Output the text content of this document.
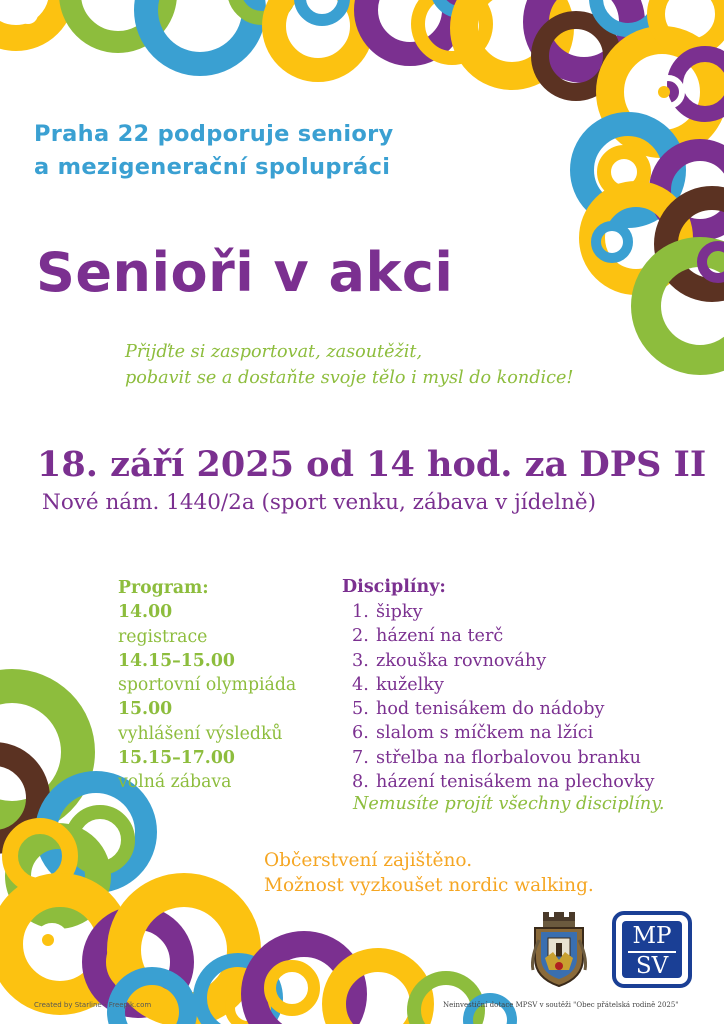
Praha 22 podporuje seniory
a mezigenerační spolupráci
Senioři v akci
Přijďte si zasportovat, zasoutěžit,
pobavit se a dostaňte svoje tělo i mysl do kondice!
18. září 2025 od 14 hod. za DPS II
Nové nám. 1440/2a (sport venku, zábava v jídelně)
Program:
14.00
registrace
14.15–15.00
sportovní olympiáda
15.00
vyhlášení výsledků
15.15–17.00
volná zábava
Disciplíny:
1. šipky
2. házení na terč
3. zkouška rovnováhy
4. kuželky
5. hod tenisákem do nádoby
6. slalom s míčkem na lžíci
7. střelba na florbalovou branku
8. házení tenisákem na plechovky
Nemusíte projít všechny disciplíny.
Občerstvení zajištěno.
Možnost vyzkoušet nordic walking.
MP
SV
Created by Starline - Freepik.com	Neinvestiční dotace MPSV v soutěži "Obec přátelská rodině 2025"
